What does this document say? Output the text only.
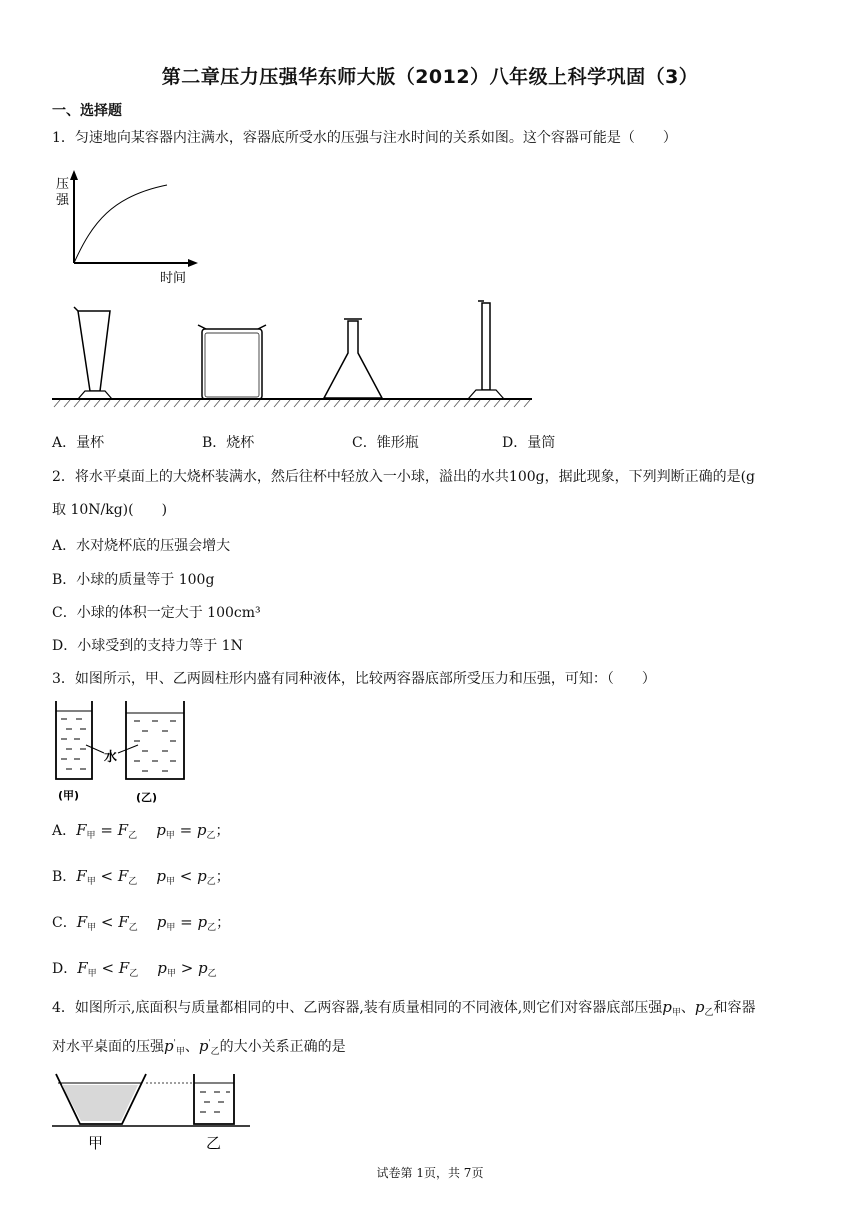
第二章压力压强华东师大版（2012）八年级上科学巩固（3）
一、选择题
1．匀速地向某容器内注满水，容器底所受水的压强与注水时间的关系如图。这个容器可能是（　　）
压
强
时间
A．量杯	B．烧杯	C．锥形瓶	D．量筒
2．将水平桌面上的大烧杯装满水，然后往杯中轻放入一小球，溢出的水共100g，据此现象，下列判断正确的是(g
取 10N/kg)(　　)
A．水对烧杯底的压强会增大
B．小球的质量等于 100g
C．小球的体积一定大于 100cm³
D．小球受到的支持力等于 1N
3．如图所示，甲、乙两圆柱形内盛有同种液体，比较两容器底部所受压力和压强，可知：（　　）
水
(甲)	(乙)
A．$F_甲 = F_乙$ $p_甲 = p_乙$；
B．$F_甲 < F_乙$ $p_甲 < p_乙$；
C．$F_甲 < F_乙$ $p_甲 = p_乙$；
D．$F_甲 < F_乙$ $p_甲 > p_乙$
4．如图所示,底面积与质量都相同的中、乙两容器,装有质量相同的不同液体,则它们对容器底部压强$p_甲$、$p_乙$和容器
对水平桌面的压强$p'_甲$、$p'_乙$的大小关系正确的是
甲	乙
试卷第 1页，共 7页
